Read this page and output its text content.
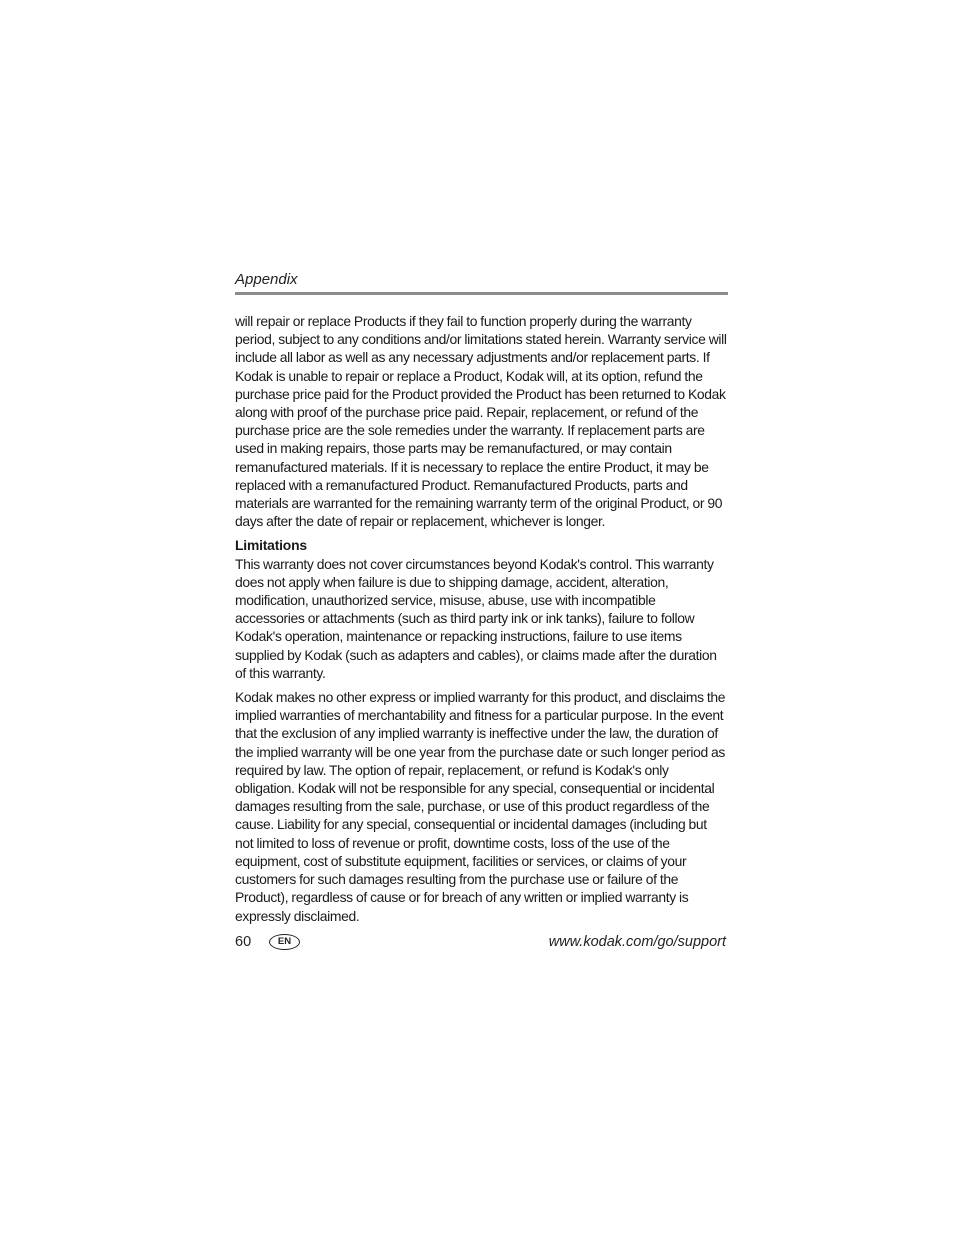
Appendix

will repair or replace Products if they fail to function properly during the warranty period, subject to any conditions and/or limitations stated herein. Warranty service will include all labor as well as any necessary adjustments and/or replacement parts. If Kodak is unable to repair or replace a Product, Kodak will, at its option, refund the purchase price paid for the Product provided the Product has been returned to Kodak along with proof of the purchase price paid. Repair, replacement, or refund of the purchase price are the sole remedies under the warranty. If replacement parts are used in making repairs, those parts may be remanufactured, or may contain remanufactured materials. If it is necessary to replace the entire Product, it may be replaced with a remanufactured Product. Remanufactured Products, parts and materials are warranted for the remaining warranty term of the original Product, or 90 days after the date of repair or replacement, whichever is longer.

Limitations

This warranty does not cover circumstances beyond Kodak's control. This warranty does not apply when failure is due to shipping damage, accident, alteration, modification, unauthorized service, misuse, abuse, use with incompatible accessories or attachments (such as third party ink or ink tanks), failure to follow Kodak's operation, maintenance or repacking instructions, failure to use items supplied by Kodak (such as adapters and cables), or claims made after the duration of this warranty.

Kodak makes no other express or implied warranty for this product, and disclaims the implied warranties of merchantability and fitness for a particular purpose. In the event that the exclusion of any implied warranty is ineffective under the law, the duration of the implied warranty will be one year from the purchase date or such longer period as required by law. The option of repair, replacement, or refund is Kodak's only obligation. Kodak will not be responsible for any special, consequential or incidental damages resulting from the sale, purchase, or use of this product regardless of the cause. Liability for any special, consequential or incidental damages (including but not limited to loss of revenue or profit, downtime costs, loss of the use of the equipment, cost of substitute equipment, facilities or services, or claims of your customers for such damages resulting from the purchase use or failure of the Product), regardless of cause or for breach of any written or implied warranty is expressly disclaimed.

60	EN	www.kodak.com/go/support
